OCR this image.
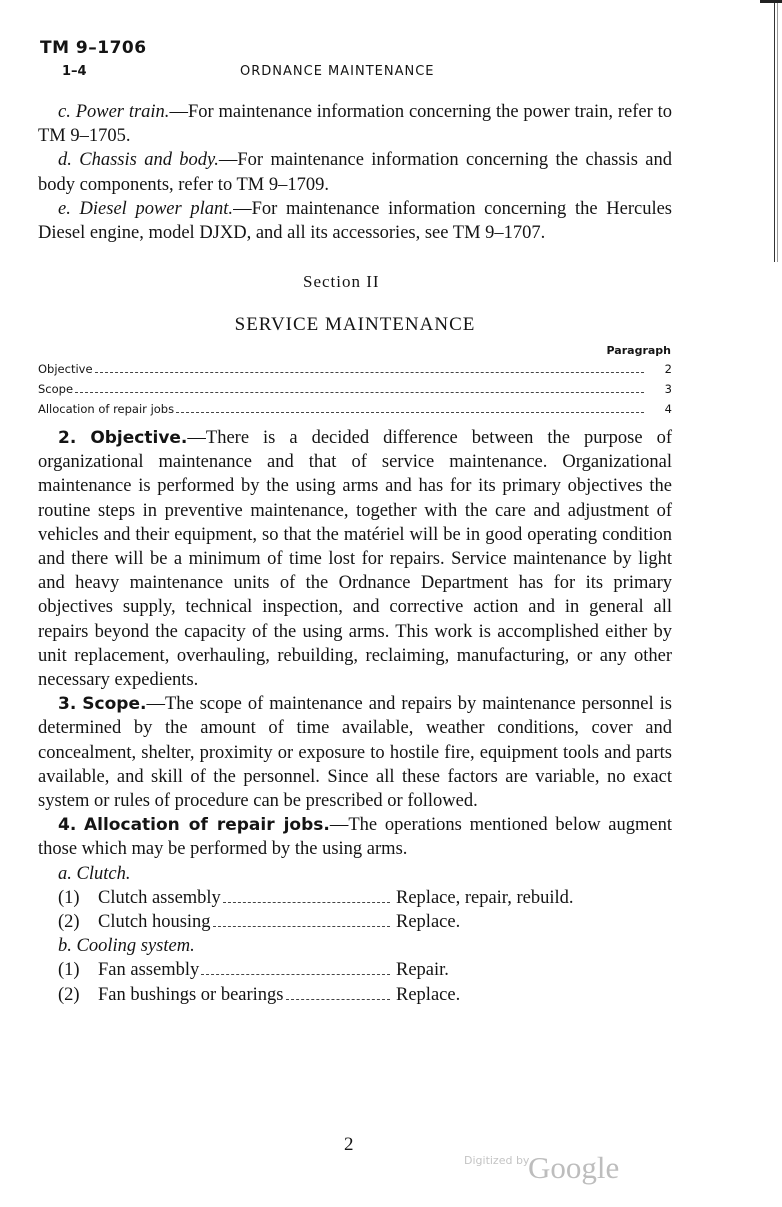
TM 9–1706
1–4	ORDNANCE MAINTENANCE

c. Power train.—For maintenance information concerning the power train, refer to TM 9–1705.

d. Chassis and body.—For maintenance information concerning the chassis and body components, refer to TM 9–1709.

e. Diesel power plant.—For maintenance information concerning the Hercules Diesel engine, model DJXD, and all its accessories, see TM 9–1707.

Section II
SERVICE MAINTENANCE
Paragraph
Objective	2
Scope	3
Allocation of repair jobs	4

2. Objective.—There is a decided difference between the purpose of organizational maintenance and that of service maintenance. Organizational maintenance is performed by the using arms and has for its primary objectives the routine steps in preventive maintenance, together with the care and adjustment of vehicles and their equipment, so that the matériel will be in good operating condition and there will be a minimum of time lost for repairs. Service maintenance by light and heavy maintenance units of the Ordnance Department has for its primary objectives supply, technical inspection, and corrective action and in general all repairs beyond the capacity of the using arms. This work is accomplished either by unit replacement, overhauling, rebuilding, reclaiming, manufacturing, or any other necessary expedients.

3. Scope.—The scope of maintenance and repairs by maintenance personnel is determined by the amount of time available, weather conditions, cover and concealment, shelter, proximity or exposure to hostile fire, equipment tools and parts available, and skill of the personnel. Since all these factors are variable, no exact system or rules of procedure can be prescribed or followed.

4. Allocation of repair jobs.—The operations mentioned below augment those which may be performed by the using arms.

a. Clutch.
(1) Clutch assembly	Replace, repair, rebuild.
(2) Clutch housing	Replace.
b. Cooling system.
(1) Fan assembly	Repair.
(2) Fan bushings or bearings	Replace.
2
Digitized by
Google
